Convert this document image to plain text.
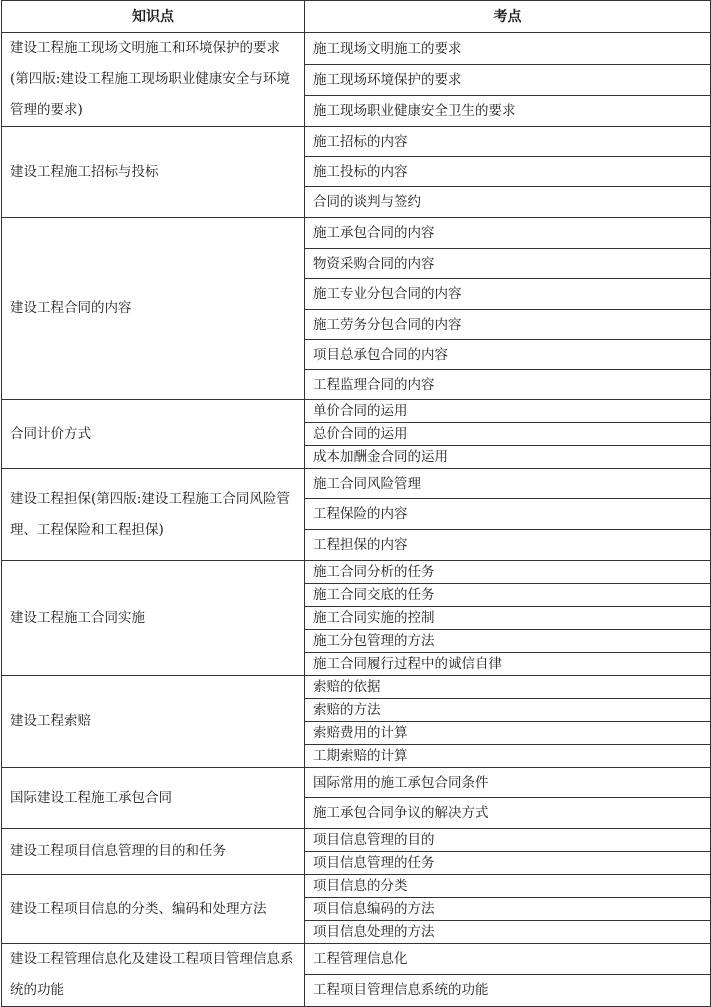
知识点	考点
建设工程施工现场文明施工和环境保护的要求(第四版:建设工程施工现场职业健康安全与环境管理的要求)	施工现场文明施工的要求
	施工现场环境保护的要求
	施工现场职业健康安全卫生的要求
建设工程施工招标与投标	施工招标的内容
	施工投标的内容
	合同的谈判与签约
建设工程合同的内容	施工承包合同的内容
	物资采购合同的内容
	施工专业分包合同的内容
	施工劳务分包合同的内容
	项目总承包合同的内容
	工程监理合同的内容
合同计价方式	单价合同的运用
	总价合同的运用
	成本加酬金合同的运用
建设工程担保(第四版:建设工程施工合同风险管理、工程保险和工程担保)	施工合同风险管理
	工程保险的内容
	工程担保的内容
建设工程施工合同实施	施工合同分析的任务
	施工合同交底的任务
	施工合同实施的控制
	施工分包管理的方法
	施工合同履行过程中的诚信自律
建设工程索赔	索赔的依据
	索赔的方法
	索赔费用的计算
	工期索赔的计算
国际建设工程施工承包合同	国际常用的施工承包合同条件
	施工承包合同争议的解决方式
建设工程项目信息管理的目的和任务	项目信息管理的目的
	项目信息管理的任务
建设工程项目信息的分类、编码和处理方法	项目信息的分类
	项目信息编码的方法
	项目信息处理的方法
建设工程管理信息化及建设工程项目管理信息系统的功能	工程管理信息化
	工程项目管理信息系统的功能
